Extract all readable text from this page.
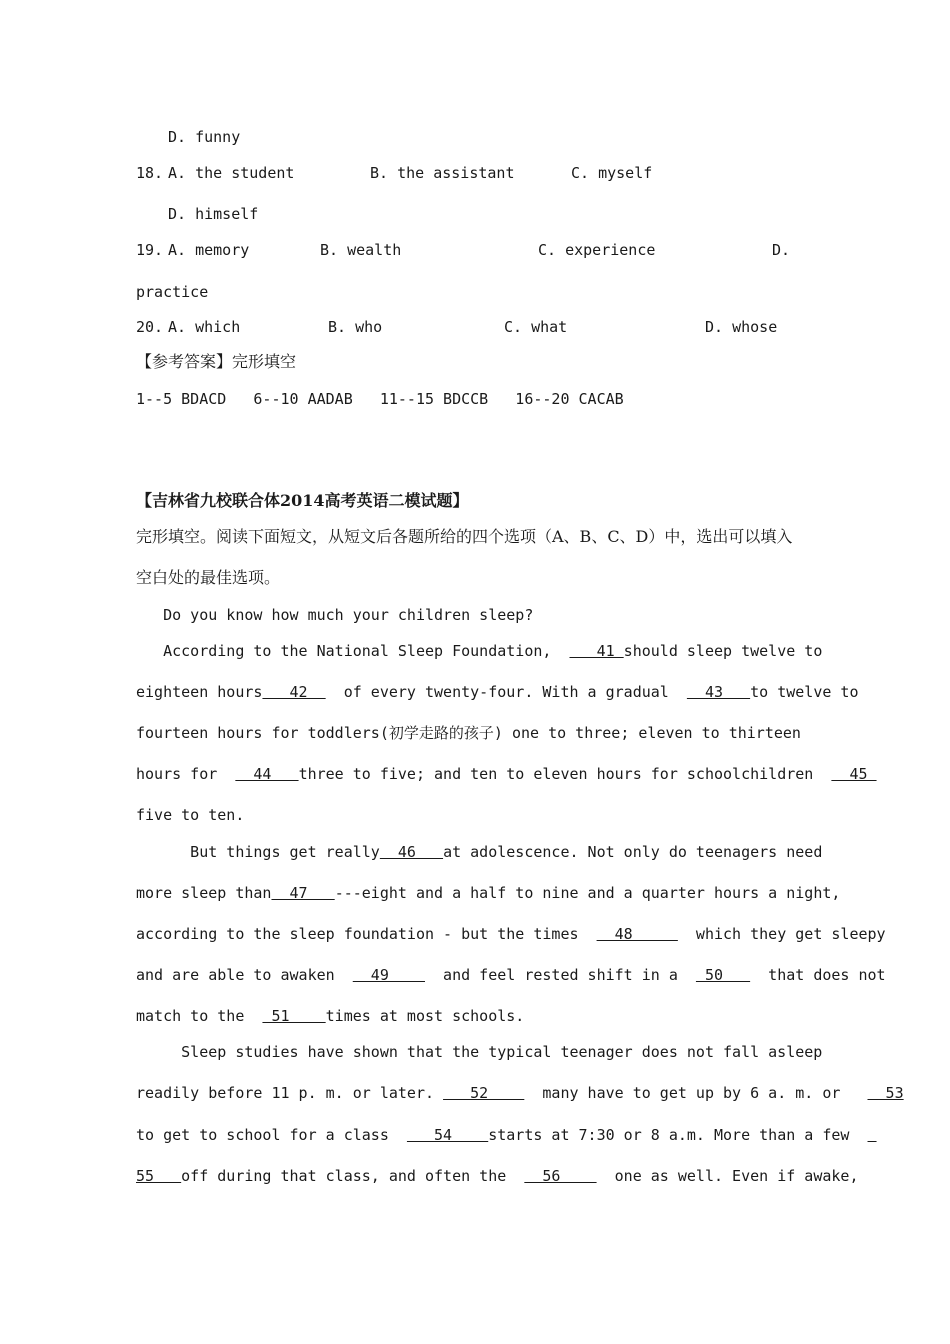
D. funny
18. A. the student	B. the assistant	C. myself
D. himself
19. A. memory	B. wealth	C. experience	D.
practice
20. A. which	B. who	C. what	D. whose
【参考答案】完形填空
1--5 BDACD   6--10 AADAB   11--15 BDCCB   16--20 CACAB
【吉林省九校联合体2014高考英语二模试题】
完形填空。阅读下面短文，从短文后各题所给的四个选项（A、B、C、D）中，选出可以填入
空白处的最佳选项。
Do you know how much your children sleep?
According to the National Sleep Foundation,     41 should sleep twelve to
eighteen hours   42    of every twenty-four. With a gradual    43   to twelve to
fourteen hours for toddlers(初学走路的孩子) one to three; eleven to thirteen
hours for    44   three to five; and ten to eleven hours for schoolchildren    45
five to ten.
But things get really  46   at adolescence. Not only do teenagers need
more sleep than  47   ---eight and a half to nine and a quarter hours a night,
according to the sleep foundation - but the times    48       which they get sleepy
and are able to awaken    49      and feel rested shift in a   50     that does not
match to the   51    times at most schools.
Sleep studies have shown that the typical teenager does not fall asleep
readily before 11 p. m. or later.    52      many have to get up by 6 a. m. or     53
to get to school for a class     54    starts at 7:30 or 8 a.m. More than a few
55   off during that class, and often the    56      one as well. Even if awake,
